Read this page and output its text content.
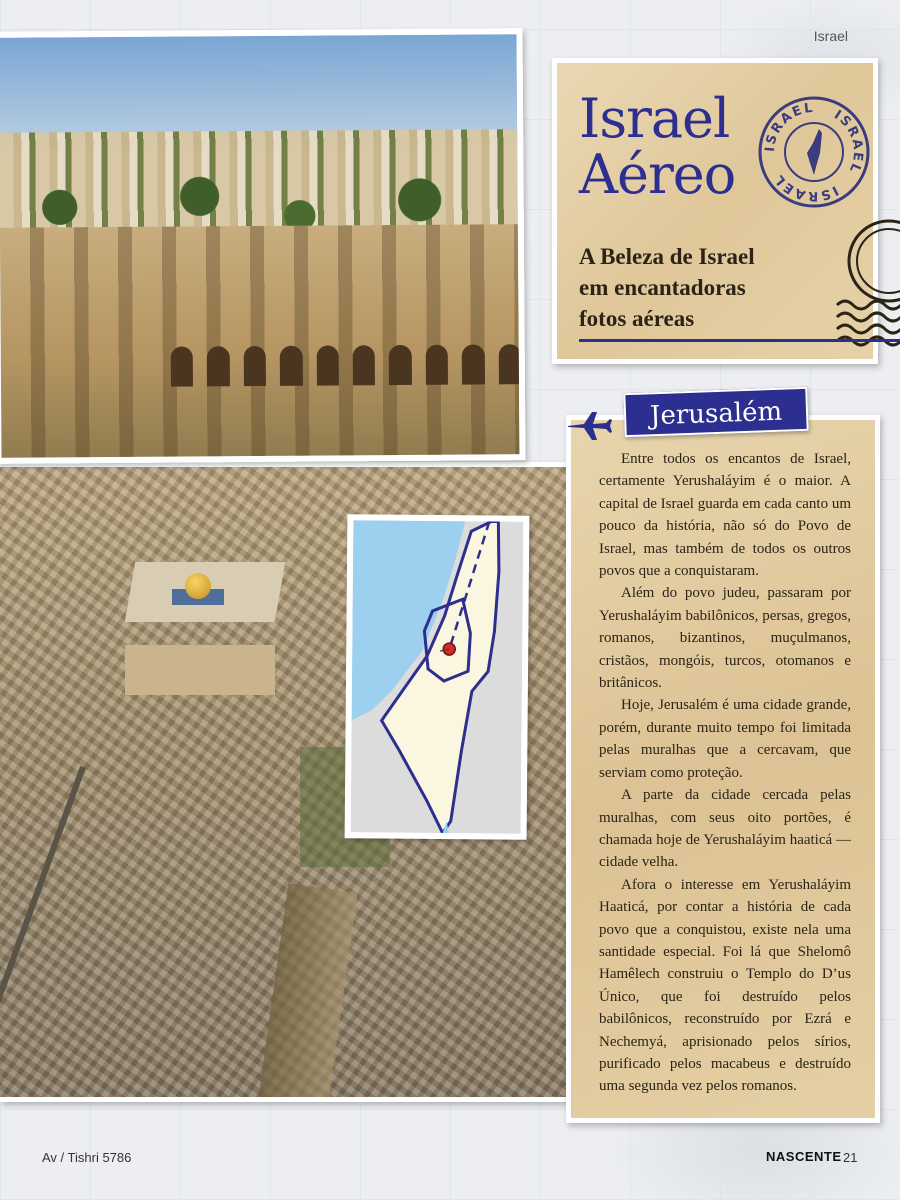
Israel
Israel
Aéreo	ISRAEL ISRAEL
ISRAEL
A Beleza de Israel
em encantadoras
fotos aéreas
Jerusalém

Entre todos os encantos de Israel, certamente Yerushaláyim é o maior. A capital de Israel guarda em cada canto um pouco da história, não só do Povo de Israel, mas também de todos os outros povos que a conquistaram.

Além do povo judeu, passaram por Yerushaláyim babilônicos, persas, gregos, romanos, bizantinos, muçulmanos, cristãos, mongóis, turcos, otomanos e britânicos.

Hoje, Jerusalém é uma cidade grande, porém, durante muito tempo foi limitada pelas muralhas que a cercavam, que serviam como proteção.

A parte da cidade cercada pelas muralhas, com seus oito portões, é chamada hoje de Yerushaláyim haaticá — cidade velha.

Afora o interesse em Yerushaláyim Haaticá, por contar a história de cada povo que a conquistou, existe nela uma santidade especial. Foi lá que Shelomô Hamêlech construiu o Templo do D’us Único, que foi destruído pelos babilônicos, reconstruído por Ezrá e Nechemyá, aprisionado pelos sírios, purificado pelos macabeus e destruído uma segunda vez pelos romanos.

Av / Tishri 5786	NASCENTE 21
